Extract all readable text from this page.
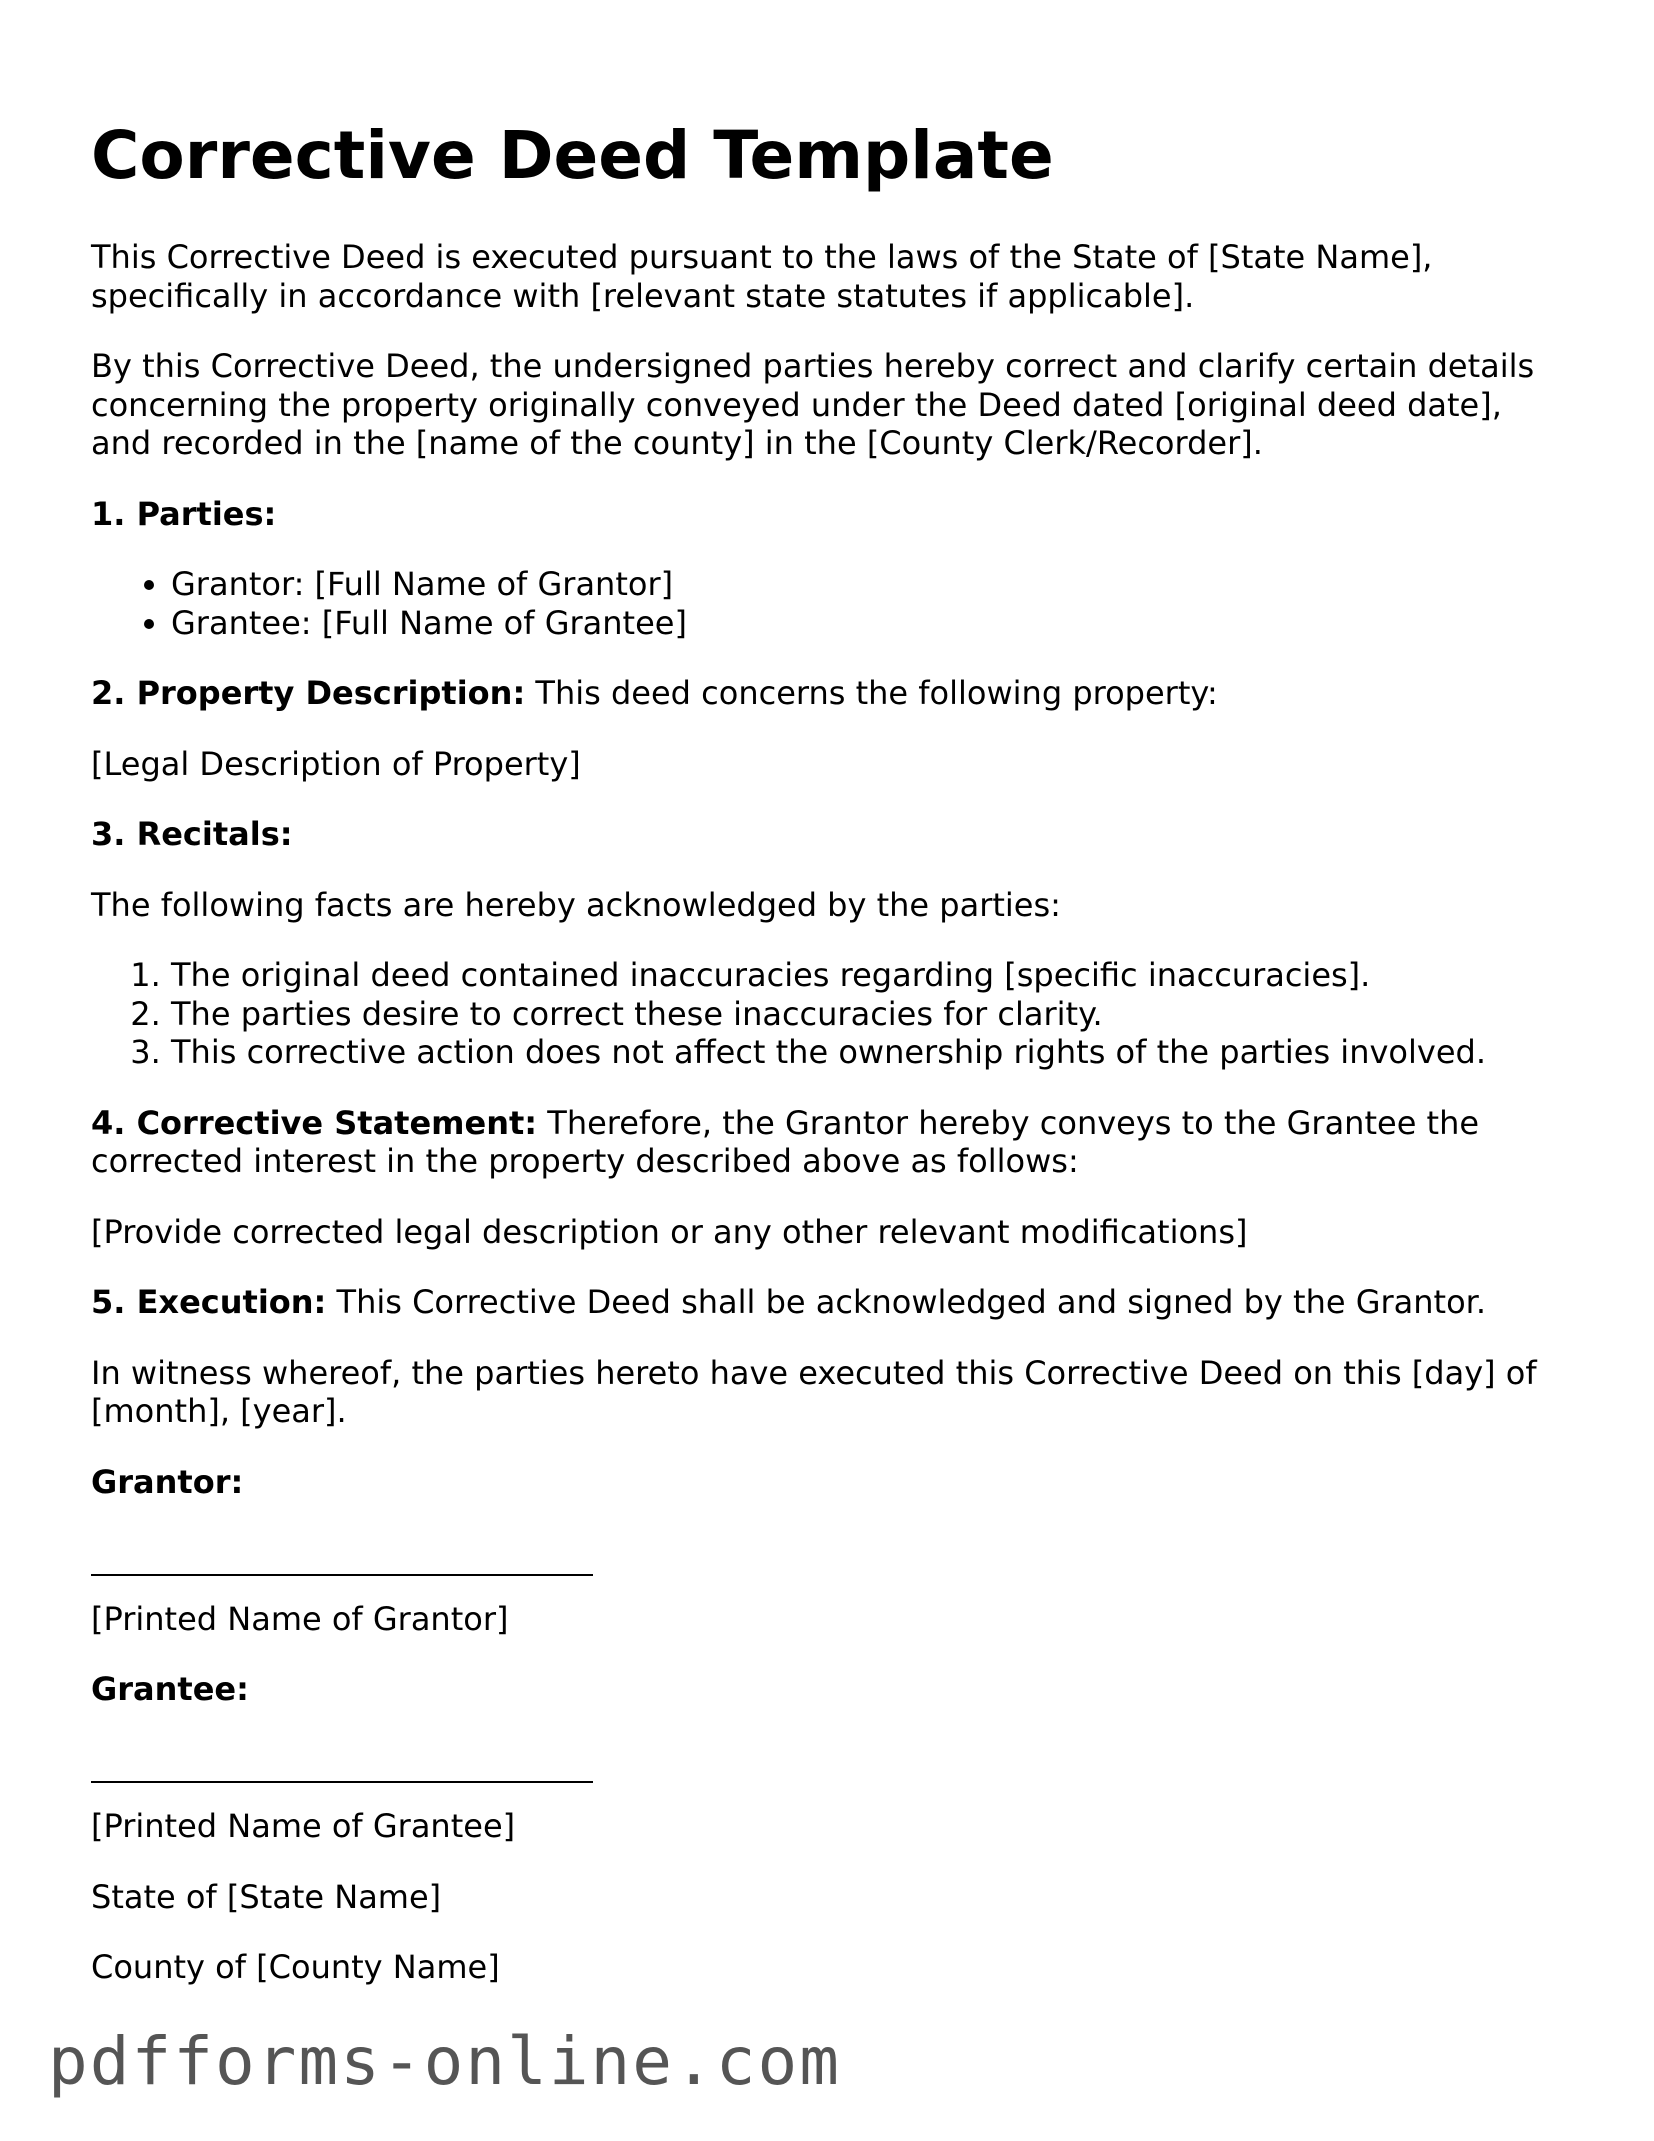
Corrective Deed Template

This Corrective Deed is executed pursuant to the laws of the State of [State Name], specifically in accordance with [relevant state statutes if applicable].

By this Corrective Deed, the undersigned parties hereby correct and clarify certain details concerning the property originally conveyed under the Deed dated [original deed date], and recorded in the [name of the county] in the [County Clerk/Recorder].

1. Parties:

• Grantor: [Full Name of Grantor]
• Grantee: [Full Name of Grantee]

2. Property Description: This deed concerns the following property:

[Legal Description of Property]

3. Recitals:

The following facts are hereby acknowledged by the parties:

1. The original deed contained inaccuracies regarding [specific inaccuracies].
2. The parties desire to correct these inaccuracies for clarity.
3. This corrective action does not affect the ownership rights of the parties involved.

4. Corrective Statement: Therefore, the Grantor hereby conveys to the Grantee the corrected interest in the property described above as follows:

[Provide corrected legal description or any other relevant modifications]

5. Execution: This Corrective Deed shall be acknowledged and signed by the Grantor.

In witness whereof, the parties hereto have executed this Corrective Deed on this [day] of [month], [year].

Grantor:

[Printed Name of Grantor]

Grantee:

[Printed Name of Grantee]

State of [State Name]

County of [County Name]

pdfforms-online.com
